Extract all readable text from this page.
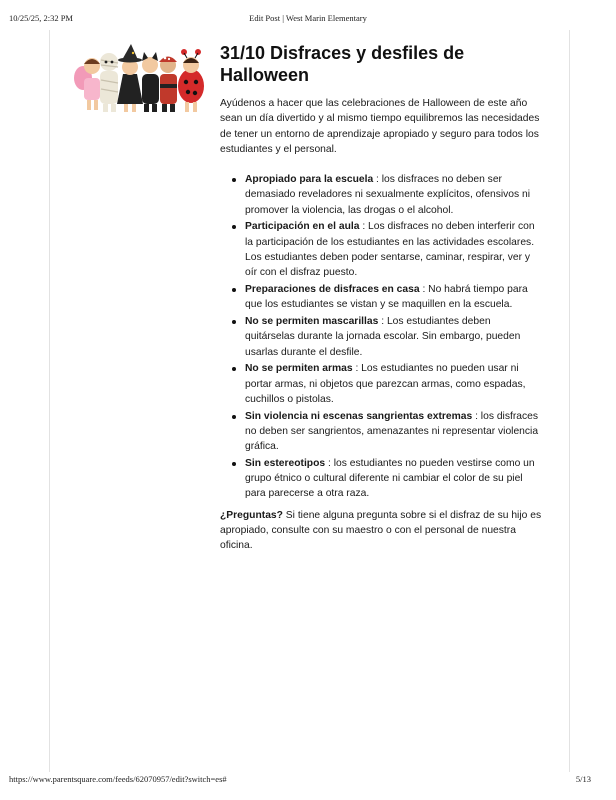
10/25/25, 2:32 PM	Edit Post | West Marin Elementary
31/10 Disfraces y desfiles de Halloween

Ayúdenos a hacer que las celebraciones de Halloween de este año sean un día divertido y al mismo tiempo equilibremos las necesidades de tener un entorno de aprendizaje apropiado y seguro para todos los estudiantes y el personal.

Apropiado para la escuela : los disfraces no deben ser demasiado reveladores ni sexualmente explícitos, ofensivos ni promover la violencia, las drogas o el alcohol.
Participación en el aula : Los disfraces no deben interferir con la participación de los estudiantes en las actividades escolares. Los estudiantes deben poder sentarse, caminar, respirar, ver y oír con el disfraz puesto.
Preparaciones de disfraces en casa : No habrá tiempo para que los estudiantes se vistan y se maquillen en la escuela.
No se permiten mascarillas : Los estudiantes deben quitárselas durante la jornada escolar. Sin embargo, pueden usarlas durante el desfile.
No se permiten armas : Los estudiantes no pueden usar ni portar armas, ni objetos que parezcan armas, como espadas, cuchillos o pistolas.
Sin violencia ni escenas sangrientas extremas : los disfraces no deben ser sangrientos, amenazantes ni representar violencia gráfica.
Sin estereotipos : los estudiantes no pueden vestirse como un grupo étnico o cultural diferente ni cambiar el color de su piel para parecerse a otra raza.

¿Preguntas? Si tiene alguna pregunta sobre si el disfraz de su hijo es apropiado, consulte con su maestro o con el personal de nuestra oficina.

https://www.parentsquare.com/feeds/62070957/edit?switch=es#	5/13
